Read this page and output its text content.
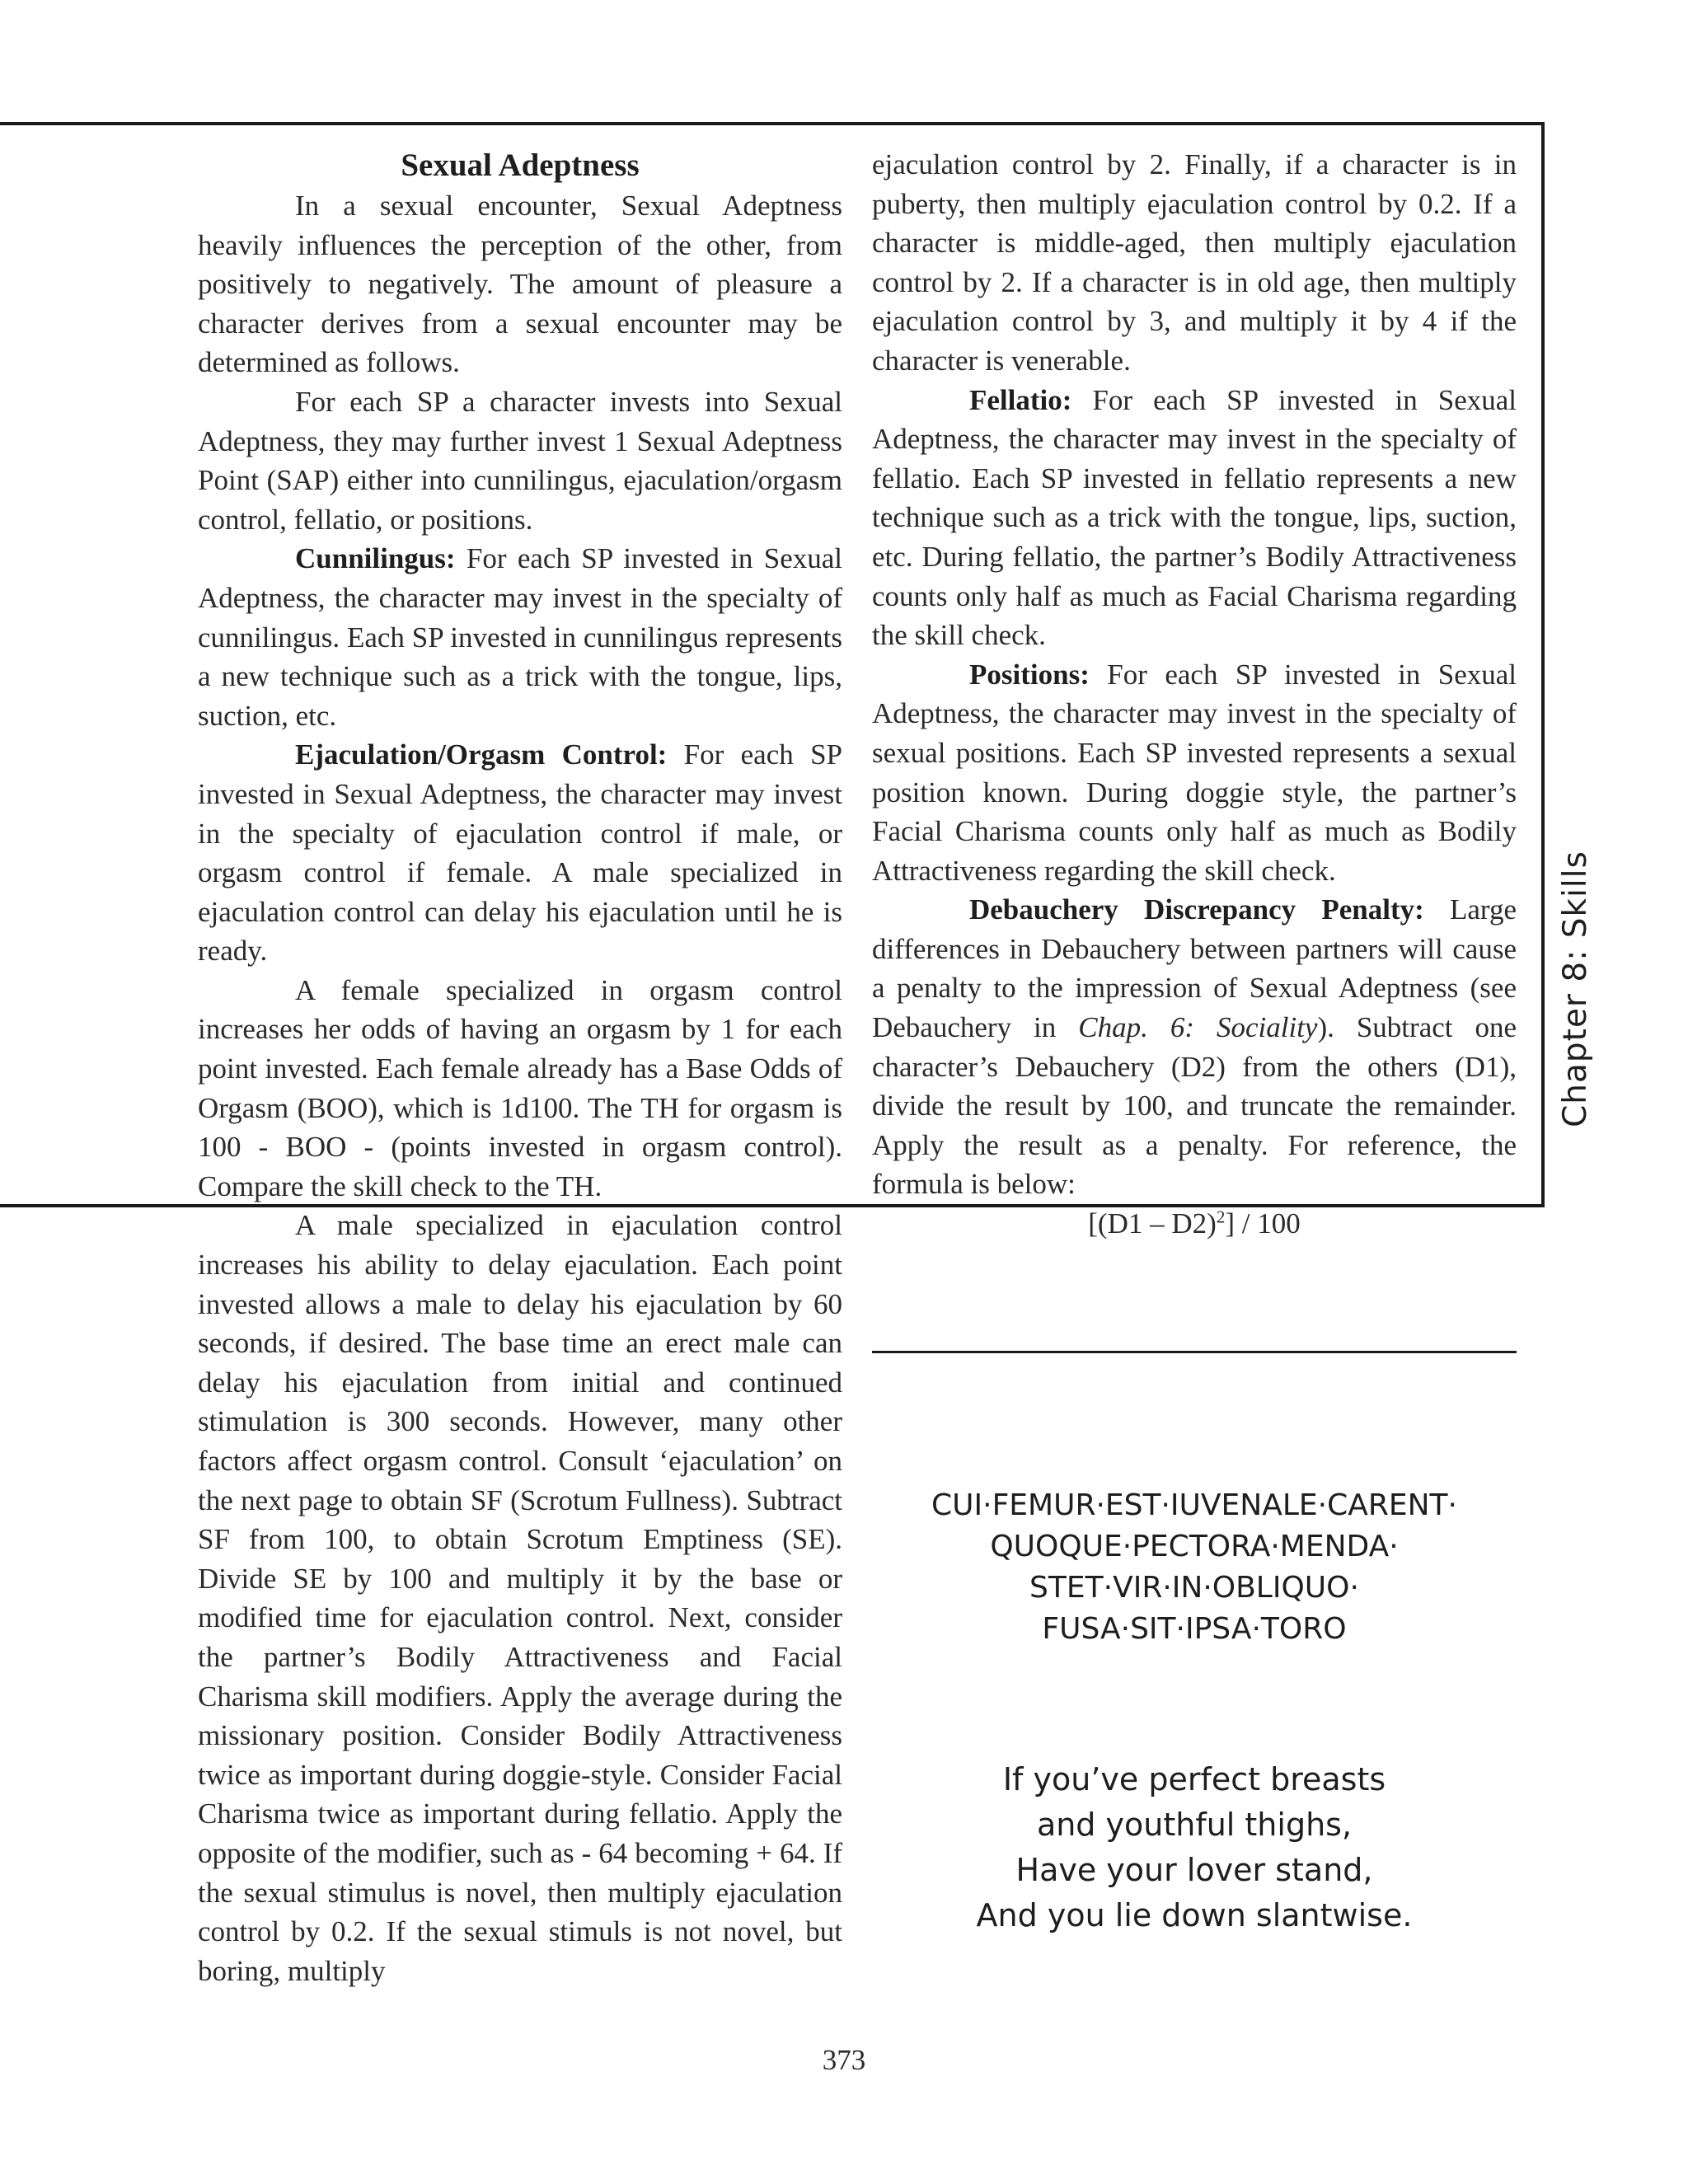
Sexual Adeptness

In a sexual encounter, Sexual Adeptness heavily influences the perception of the other, from positively to negatively. The amount of pleasure a character derives from a sexual encounter may be determined as follows.

For each SP a character invests into Sexual Adeptness, they may further invest 1 Sexual Adeptness Point (SAP) either into cunnilingus, ejaculation/orgasm control, fellatio, or positions.

Cunnilingus: For each SP invested in Sexual Adeptness, the character may invest in the specialty of cunnilingus. Each SP invested in cunnilingus represents a new technique such as a trick with the tongue, lips, suction, etc.

Ejaculation/Orgasm Control: For each SP invested in Sexual Adeptness, the character may invest in the specialty of ejaculation control if male, or orgasm control if female. A male specialized in ejaculation control can delay his ejaculation until he is ready.

A female specialized in orgasm control increases her odds of having an orgasm by 1 for each point invested. Each female already has a Base Odds of Orgasm (BOO), which is 1d100. The TH for orgasm is 100 - BOO - (points invested in orgasm control). Compare the skill check to the TH.

A male specialized in ejaculation control increases his ability to delay ejaculation. Each point invested allows a male to delay his ejaculation by 60 seconds, if desired. The base time an erect male can delay his ejaculation from initial and continued stimulation is 300 seconds. However, many other factors affect orgasm control. Consult ‘ejaculation’ on the next page to obtain SF (Scrotum Fullness). Subtract SF from 100, to obtain Scrotum Emptiness (SE). Divide SE by 100 and multiply it by the base or modified time for ejaculation control. Next, consider the partner’s Bodily Attractiveness and Facial Charisma skill modifiers. Apply the average during the missionary position. Consider Bodily Attractiveness twice as important during doggie-style. Consider Facial Charisma twice as important during fellatio. Apply the opposite of the modifier, such as - 64 becoming + 64. If the sexual stimulus is novel, then multiply ejaculation control by 0.2. If the sexual stimuls is not novel, but boring, multiply

ejaculation control by 2. Finally, if a character is in puberty, then multiply ejaculation control by 0.2. If a character is middle-aged, then multiply ejaculation control by 2. If a character is in old age, then multiply ejaculation control by 3, and multiply it by 4 if the character is venerable.

Fellatio: For each SP invested in Sexual Adeptness, the character may invest in the specialty of fellatio. Each SP invested in fellatio represents a new technique such as a trick with the tongue, lips, suction, etc. During fellatio, the partner’s Bodily Attractiveness counts only half as much as Facial Charisma regarding the skill check.

Positions: For each SP invested in Sexual Adeptness, the character may invest in the specialty of sexual positions. Each SP invested represents a sexual position known. During doggie style, the partner’s Facial Charisma counts only half as much as Bodily Attractiveness regarding the skill check.

Debauchery Discrepancy Penalty: Large differences in Debauchery between partners will cause a penalty to the impression of Sexual Adeptness (see Debauchery in Chap. 6: Sociality). Subtract one character’s Debauchery (D2) from the others (D1), divide the result by 100, and truncate the remainder. Apply the result as a penalty. For reference, the formula is below:

[(D1 – D2)$^2$] / 100

CUI·FEMUR·EST·IUVENALE·CARENT·
QUOQUE·PECTORA·MENDA·
STET·VIR·IN·OBLIQUO·
FUSA·SIT·IPSA·TORO
If you’ve perfect breasts
and youthful thighs,
Have your lover stand,
And you lie down slantwise.
Chapter 8: Skills
373
